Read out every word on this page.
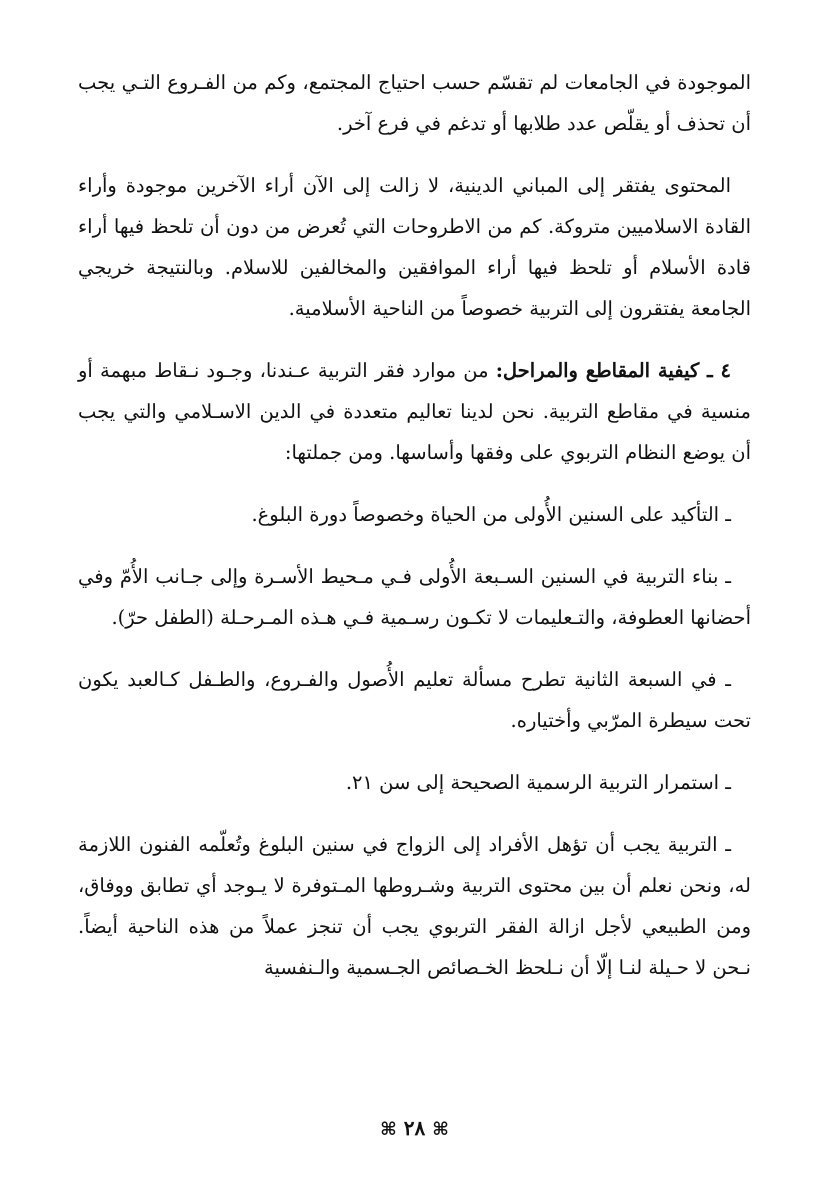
الموجودة في الجامعات لم تقسّم حسب احتياج المجتمع، وكم من الفـروع التـي يجب أن تحذف أو يقلّص عدد طلابها أو تدغم في فرع آخر.

المحتوى يفتقر إلى المباني الدينية، لا زالت إلى الآن أراء الآخرين موجودة وأراء القادة الاسلاميين متروكة. كم من الاطروحات التي تُعرض من دون أن تلحظ فيها أراء قادة الأسلام أو تلحظ فيها أراء الموافقين والمخالفين للاسلام. وبالنتيجة خريجي الجامعة يفتقرون إلى التربية خصوصاً من الناحية الأسلامية.

٤ ـ كيفية المقاطع والمراحل: من موارد فقر التربية عـندنا، وجـود نـقاط مبهمة أو منسية في مقاطع التربية. نحن لدينا تعاليم متعددة في الدين الاسـلامي والتي يجب أن يوضع النظام التربوي على وفقها وأساسها. ومن جملتها:

ـ التأكيد على السنين الأُولى من الحياة وخصوصاً دورة البلوغ.

ـ بناء التربية في السنين السـبعة الأُولى فـي مـحيط الأسـرة وإلى جـانب الأُمّ وفي أحضانها العطوفة، والتـعليمات لا تكـون رسـمية فـي هـذه المـرحـلة (الطفل حرّ).

ـ في السبعة الثانية تطرح مسألة تعليم الأُصول والفـروع، والطـفل كـالعبد يكون تحت سيطرة المرّبي وأختياره.

ـ استمرار التربية الرسمية الصحيحة إلى سن ٢١.

ـ التربية يجب أن تؤهل الأفراد إلى الزواج في سنين البلوغ وتُعلّمه الفنون اللازمة له، ونحن نعلم أن بين محتوى التربية وشـروطها المـتوفرة لا يـوجد أي تطابق ووفاق، ومن الطبيعي لأجل ازالة الفقر التربوي يجب أن تنجز عملاً من هذه الناحية أيضاً. نـحن لا حـيلة لنـا إلّا أن نـلحظ الخـصائص الجـسمية والـنفسية

⌘ ٢٨ ⌘
